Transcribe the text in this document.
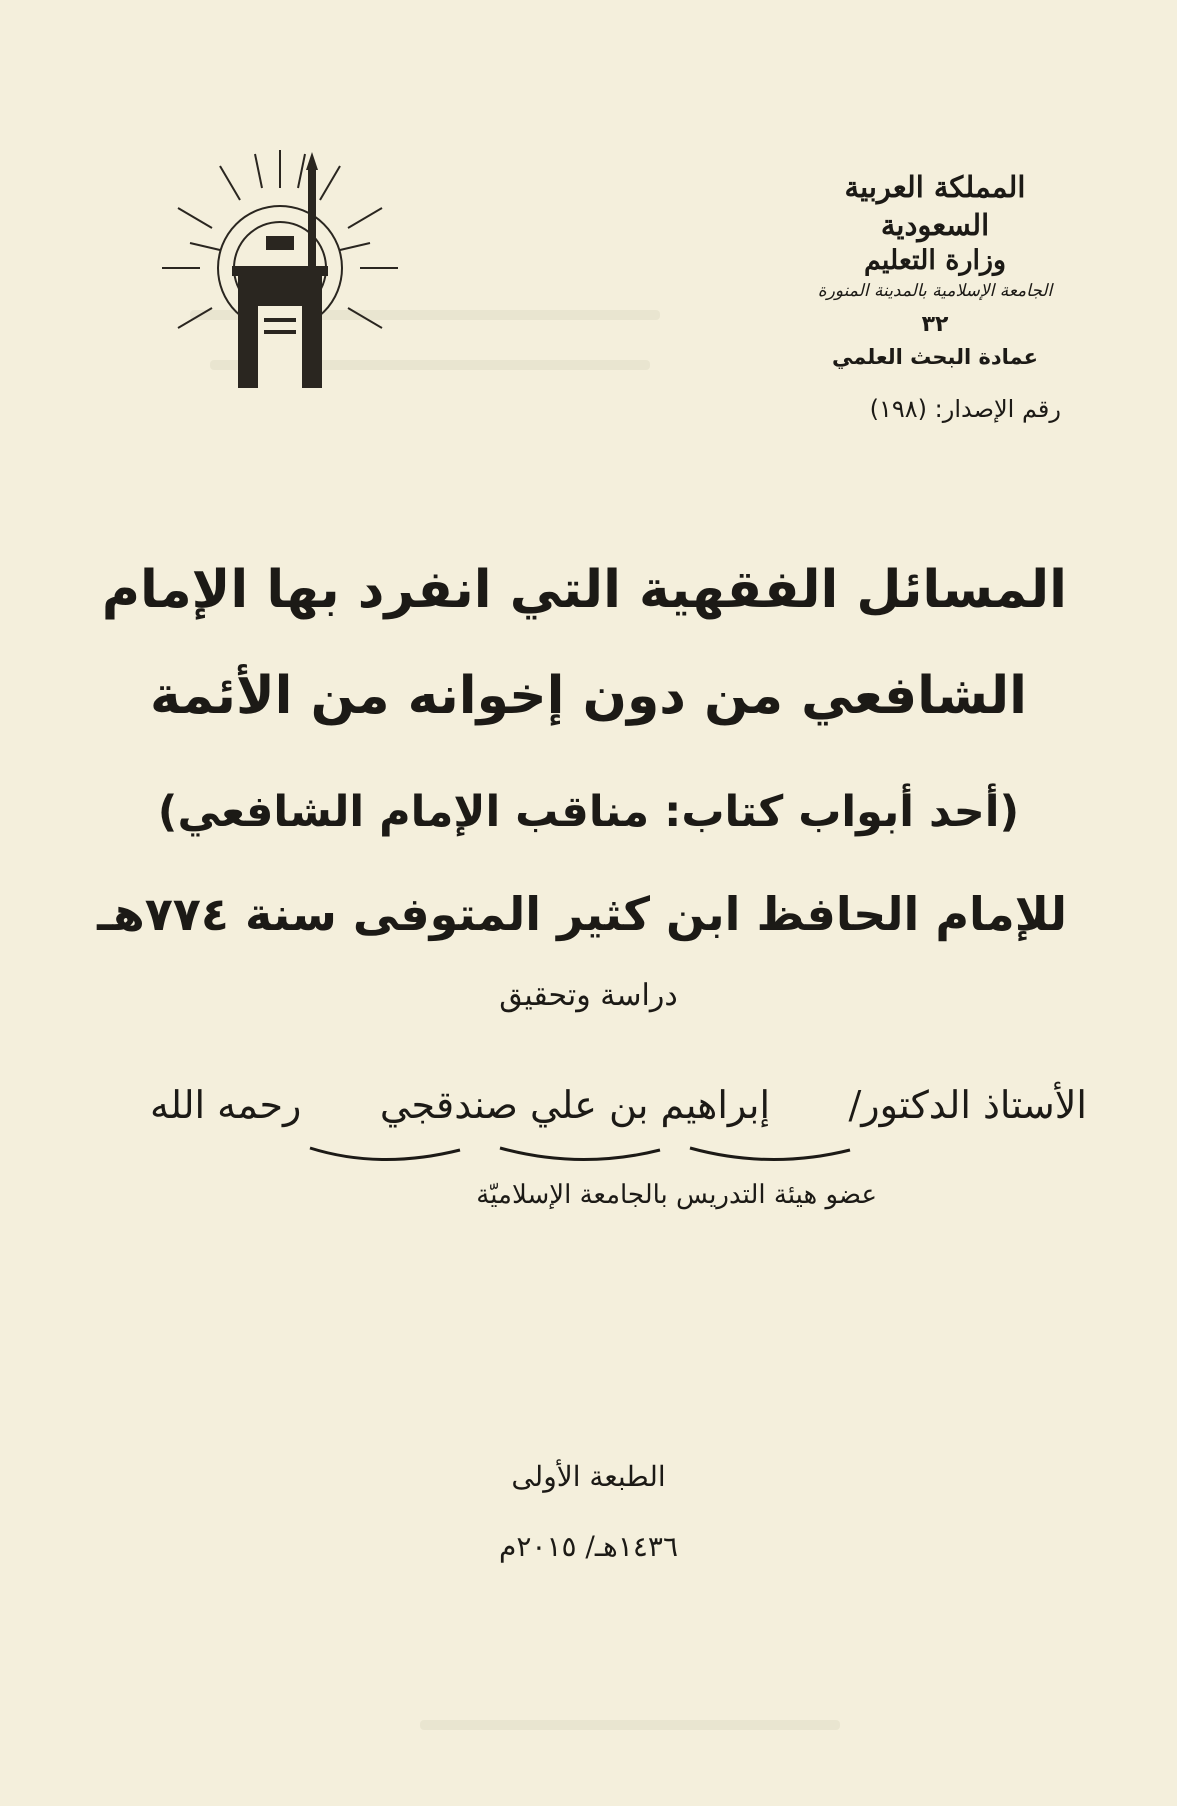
المملكة العربية السعودية
وزارة التعليم
الجامعة الإسلامية بالمدينة المنورة
٣٢
عمادة البحث العلمي
رقم الإصدار: (١٩٨)
المسائل الفقهية التي انفرد بها الإمام
الشافعي من دون إخوانه من الأئمة
(أحد أبواب كتاب: مناقب الإمام الشافعي)
للإمام الحافظ ابن كثير المتوفى سنة ٧٧٤هـ
دراسة وتحقيق
الأستاذ الدكتور/
إبراهيم بن علي صندقجي
رحمه الله
عضو هيئة التدريس بالجامعة الإسلاميّة
الطبعة الأولى
١٤٣٦هـ/ ٢٠١٥م
